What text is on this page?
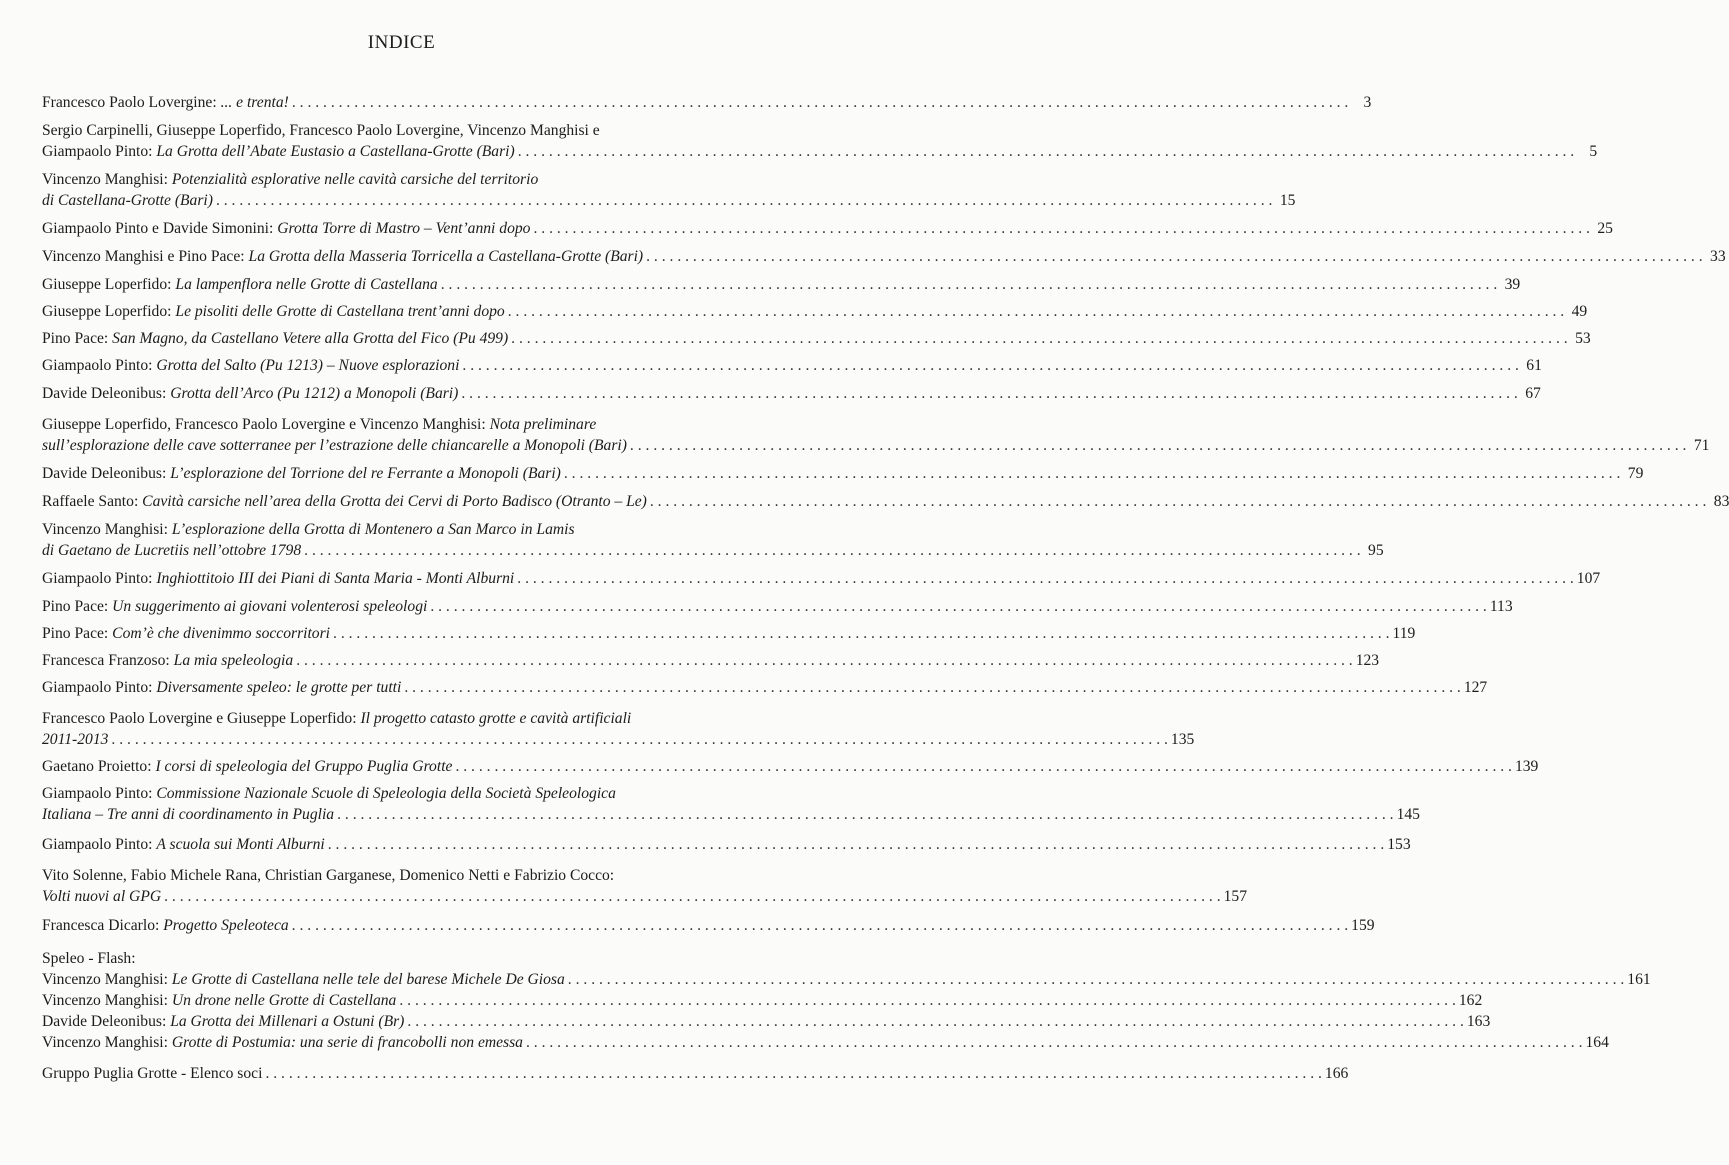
INDICE
Francesco Paolo Lovergine: ... e trenta! . . .	3
Sergio Carpinelli, Giuseppe Loperfido, Francesco Paolo Lovergine, Vincenzo Manghisi e
Giampaolo Pinto: La Grotta dell’Abate Eustasio a Castellana-Grotte (Bari) . . .	5
Vincenzo Manghisi: Potenzialità esplorative nelle cavità carsiche del territorio
di Castellana-Grotte (Bari) . . .	15
Giampaolo Pinto e Davide Simonini: Grotta Torre di Mastro – Vent’anni dopo . . .	25
Vincenzo Manghisi e Pino Pace: La Grotta della Masseria Torricella a Castellana-Grotte (Bari) . . .	33
Giuseppe Loperfido: La lampenflora nelle Grotte di Castellana . . .	39
Giuseppe Loperfido: Le pisoliti delle Grotte di Castellana trent’anni dopo . . .	49
Pino Pace: San Magno, da Castellano Vetere alla Grotta del Fico (Pu 499) . . .	53
Giampaolo Pinto: Grotta del Salto (Pu 1213) – Nuove esplorazioni . . .	61
Davide Deleonibus: Grotta dell’Arco (Pu 1212) a Monopoli (Bari) . . .	67
Giuseppe Loperfido, Francesco Paolo Lovergine e Vincenzo Manghisi: Nota preliminare
sull’esplorazione delle cave sotterranee per l’estrazione delle chiancarelle a Monopoli (Bari) . . .	71
Davide Deleonibus: L’esplorazione del Torrione del re Ferrante a Monopoli (Bari) . . .	79
Raffaele Santo: Cavità carsiche nell’area della Grotta dei Cervi di Porto Badisco (Otranto – Le) . . .	83
Vincenzo Manghisi: L’esplorazione della Grotta di Montenero a San Marco in Lamis
di Gaetano de Lucretiis nell’ottobre 1798 . . .	95
Giampaolo Pinto: Inghiottitoio III dei Piani di Santa Maria - Monti Alburni . . .	107
Pino Pace: Un suggerimento ai giovani volenterosi speleologi . . .	113
Pino Pace: Com’è che divenimmo soccorritori . . .	119
Francesca Franzoso: La mia speleologia . . .	123
Giampaolo Pinto: Diversamente speleo: le grotte per tutti . . .	127
Francesco Paolo Lovergine e Giuseppe Loperfido: Il progetto catasto grotte e cavità artificiali
2011-2013 . . .	135
Gaetano Proietto: I corsi di speleologia del Gruppo Puglia Grotte . . .	139
Giampaolo Pinto: Commissione Nazionale Scuole di Speleologia della Società Speleologica
Italiana – Tre anni di coordinamento in Puglia . . .	145
Giampaolo Pinto: A scuola sui Monti Alburni . . .	153
Vito Solenne, Fabio Michele Rana, Christian Garganese, Domenico Netti e Fabrizio Cocco:
Volti nuovi al GPG . . .	157
Francesca Dicarlo: Progetto Speleoteca . . .	159
Speleo - Flash:
Vincenzo Manghisi: Le Grotte di Castellana nelle tele del barese Michele De Giosa . . .	161
Vincenzo Manghisi: Un drone nelle Grotte di Castellana . . .	162
Davide Deleonibus: La Grotta dei Millenari a Ostuni (Br) . . .	163
Vincenzo Manghisi: Grotte di Postumia: una serie di francobolli non emessa . . .	164
Gruppo Puglia Grotte - Elenco soci . . .	166
